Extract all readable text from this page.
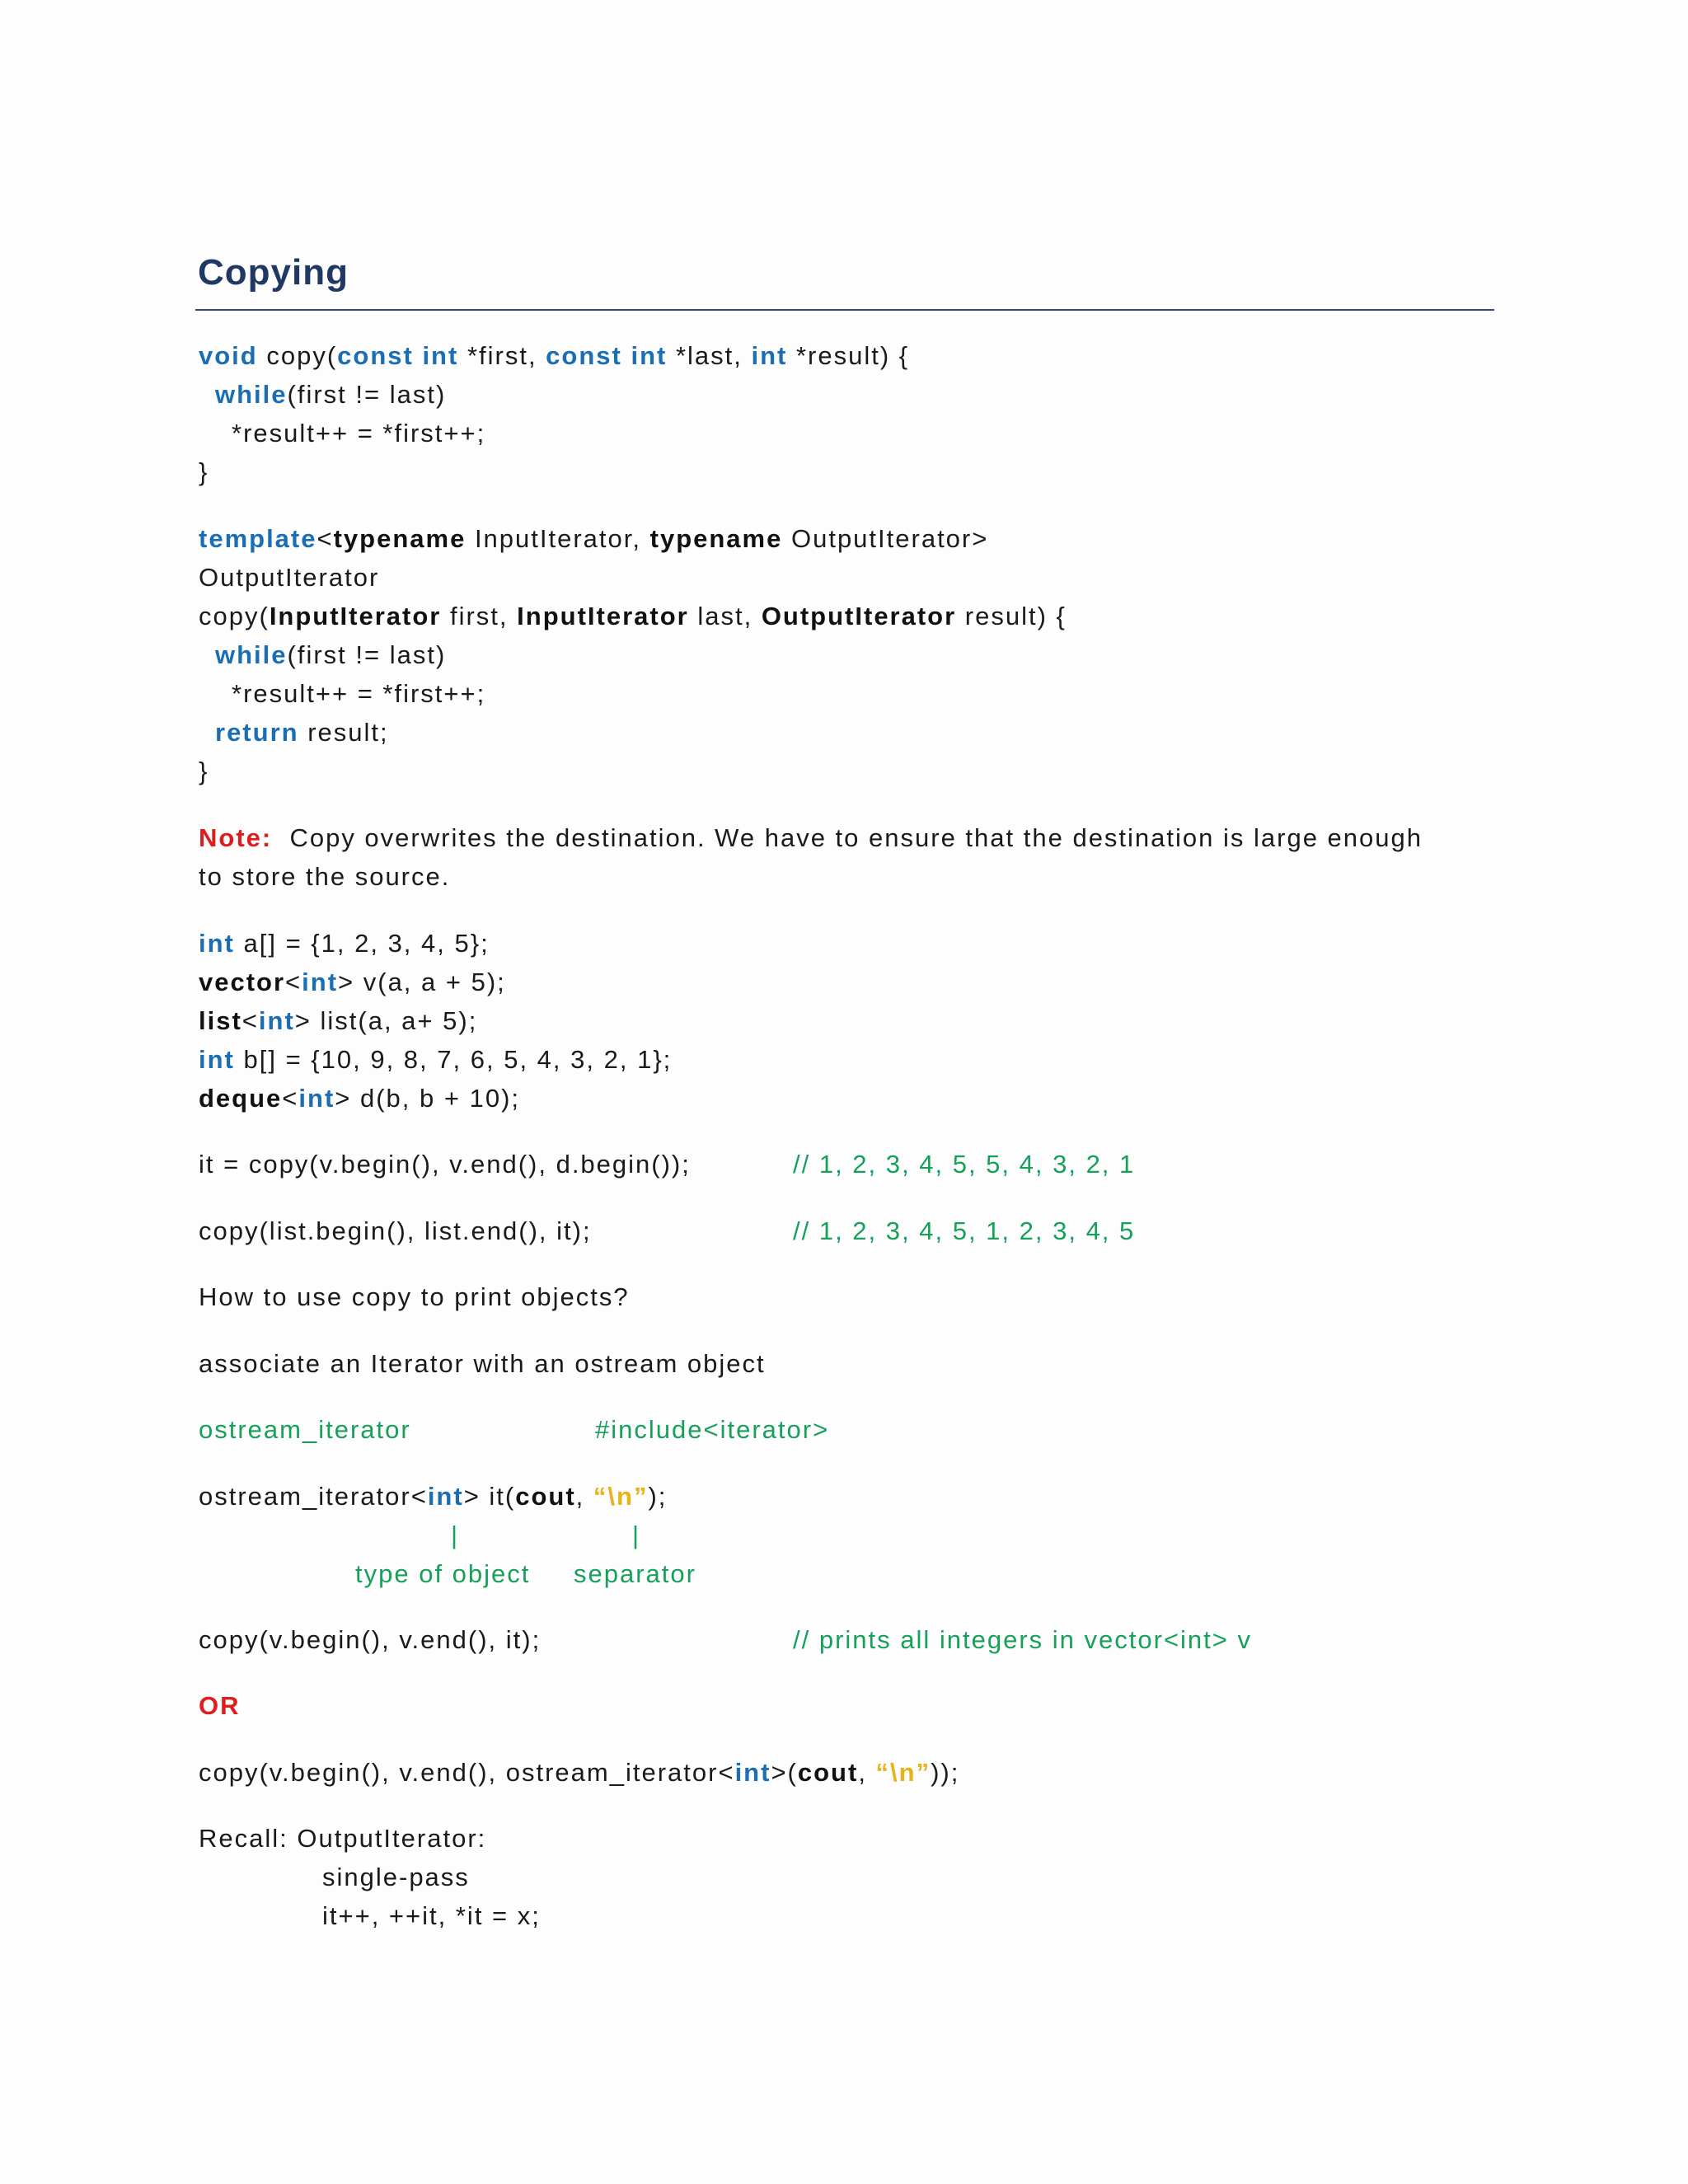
Copying
void copy(const int *first, const int *last, int *result) {
while(first != last)
*result++ = *first++;
}
template<typename InputIterator, typename OutputIterator>
OutputIterator
copy(InputIterator first, InputIterator last, OutputIterator result) {
while(first != last)
*result++ = *first++;
return result;
}
Note:  Copy overwrites the destination. We have to ensure that the destination is large enough
to store the source.
int a[] = {1, 2, 3, 4, 5};
vector<int> v(a, a + 5);
list<int> list(a, a+ 5);
int b[] = {10, 9, 8, 7, 6, 5, 4, 3, 2, 1};
deque<int> d(b, b + 10);
it = copy(v.begin(), v.end(), d.begin());	// 1, 2, 3, 4, 5, 5, 4, 3, 2, 1
copy(list.begin(), list.end(), it);	// 1, 2, 3, 4, 5, 1, 2, 3, 4, 5
How to use copy to print objects?
associate an Iterator with an ostream object
ostream_iterator	#include<iterator>
ostream_iterator<int> it(cout, “\n”);
|	|
type of object separator
copy(v.begin(), v.end(), it);	// prints all integers in vector<int> v
OR
copy(v.begin(), v.end(), ostream_iterator<int>(cout, “\n”));
Recall: OutputIterator:
single-pass
it++, ++it, *it = x;
